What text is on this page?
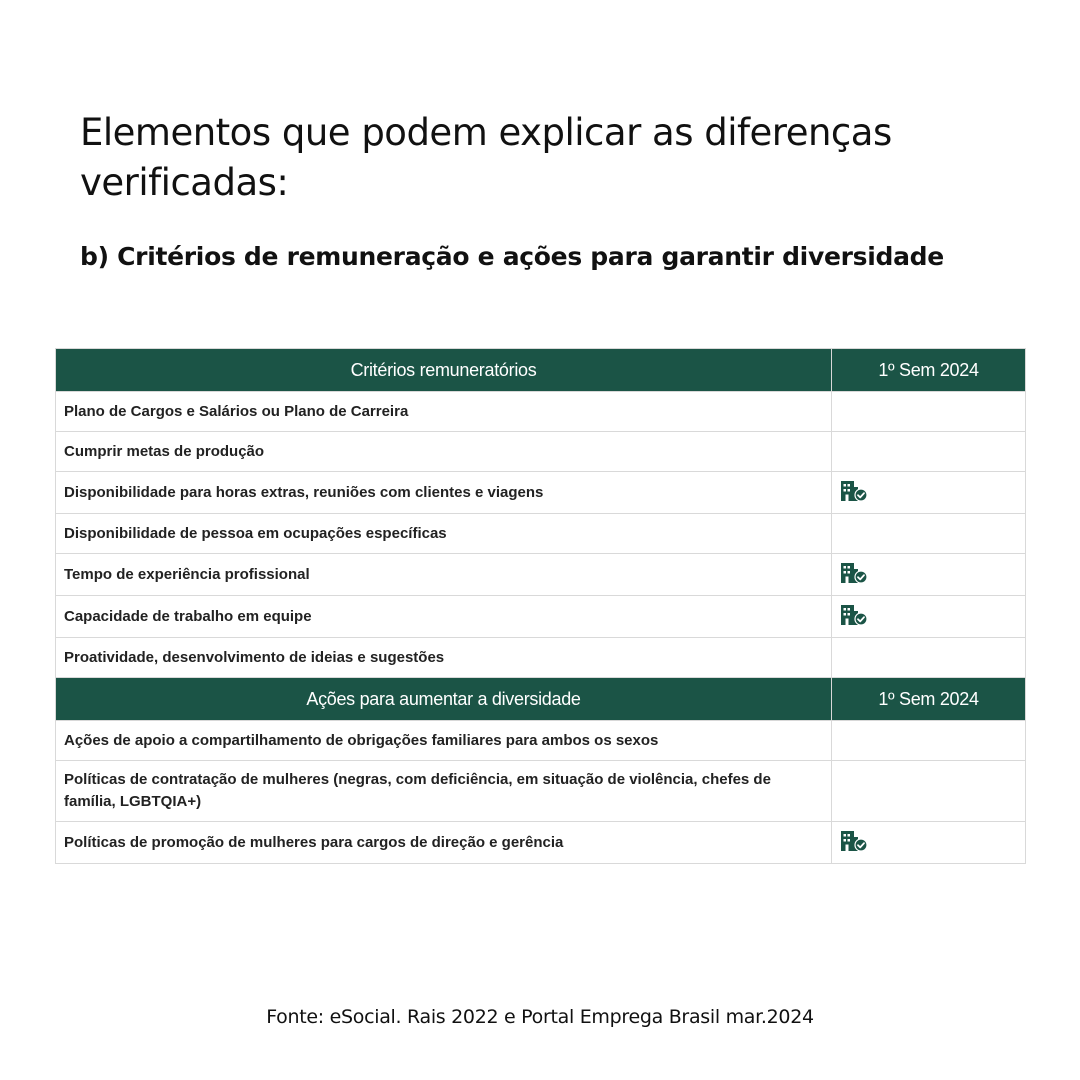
Elementos que podem explicar as diferenças verificadas:
b) Critérios de remuneração e ações para garantir diversidade
Critérios remuneratórios	1º Sem 2024
Plano de Cargos e Salários ou Plano de Carreira	
Cumprir metas de produção	
Disponibilidade para horas extras, reuniões com clientes e viagens	
Disponibilidade de pessoa em ocupações específicas	
Tempo de experiência profissional	
Capacidade de trabalho em equipe	
Proatividade, desenvolvimento de ideias e sugestões	
Ações para aumentar a diversidade	1º Sem 2024
Ações de apoio a compartilhamento de obrigações familiares para ambos os sexos	
Políticas de contratação de mulheres (negras, com deficiência, em situação de violência, chefes de família, LGBTQIA+)	
Políticas de promoção de mulheres para cargos de direção e gerência	
Fonte: eSocial. Rais 2022 e Portal Emprega Brasil mar.2024
